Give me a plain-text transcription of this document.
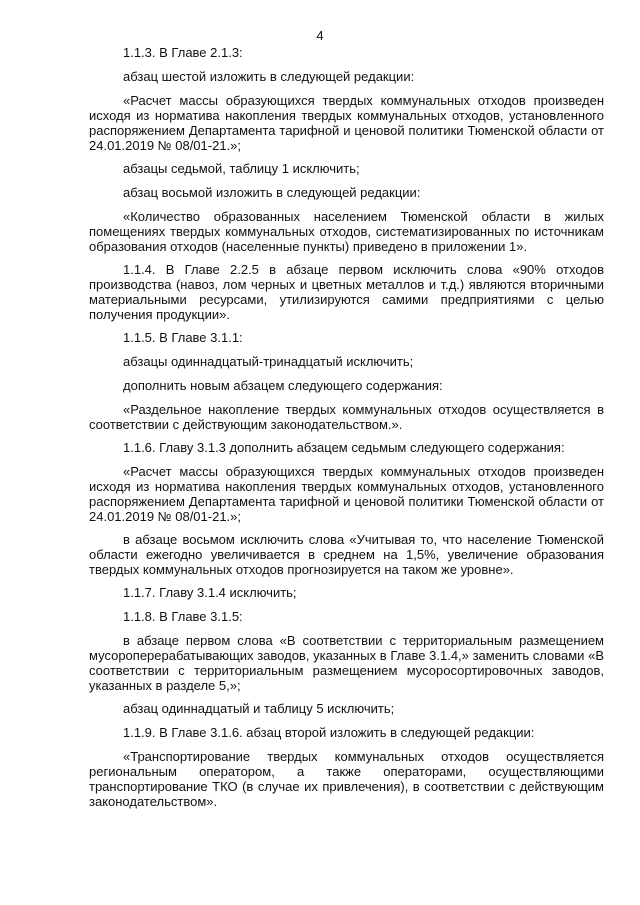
4

1.1.3. В Главе 2.1.3:

абзац шестой изложить в следующей редакции:

«Расчет массы образующихся твердых коммунальных отходов произведен исходя из норматива накопления твердых коммунальных отходов, установленного распоряжением Департамента тарифной и ценовой политики Тюменской области от 24.01.2019 № 08/01-21.»;

абзацы седьмой, таблицу 1 исключить;

абзац восьмой изложить в следующей редакции:

«Количество образованных населением Тюменской области в жилых помещениях твердых коммунальных отходов, систематизированных по источникам образования отходов (населенные пункты) приведено в приложении 1».

1.1.4. В Главе 2.2.5 в абзаце первом исключить слова «90% отходов производства (навоз, лом черных и цветных металлов и т.д.) являются вторичными материальными ресурсами, утилизируются самими предприятиями с целью получения продукции».

1.1.5. В Главе 3.1.1:

абзацы одиннадцатый-тринадцатый исключить;

дополнить новым абзацем следующего содержания:

«Раздельное накопление твердых коммунальных отходов осуществляется в соответствии с действующим законодательством.».

1.1.6. Главу 3.1.3 дополнить абзацем седьмым следующего содержания:

«Расчет массы образующихся твердых коммунальных отходов произведен исходя из норматива накопления твердых коммунальных отходов, установленного распоряжением Департамента тарифной и ценовой политики Тюменской области от 24.01.2019 № 08/01-21.»;

в абзаце восьмом исключить слова «Учитывая то, что население Тюменской области ежегодно увеличивается в среднем на 1,5%, увеличение образования твердых коммунальных отходов прогнозируется на таком же уровне».

1.1.7. Главу 3.1.4 исключить;

1.1.8. В Главе 3.1.5:

в абзаце первом слова «В соответствии с территориальным размещением мусороперерабатывающих заводов, указанных в Главе 3.1.4,» заменить словами «В соответствии с территориальным размещением мусоросортировочных заводов, указанных в разделе 5,»;

абзац одиннадцатый и таблицу 5 исключить;

1.1.9. В Главе 3.1.6. абзац второй изложить в следующей редакции:

«Транспортирование твердых коммунальных отходов осуществляется региональным оператором, а также операторами, осуществляющими транспортирование ТКО (в случае их привлечения), в соответствии с действующим законодательством».
